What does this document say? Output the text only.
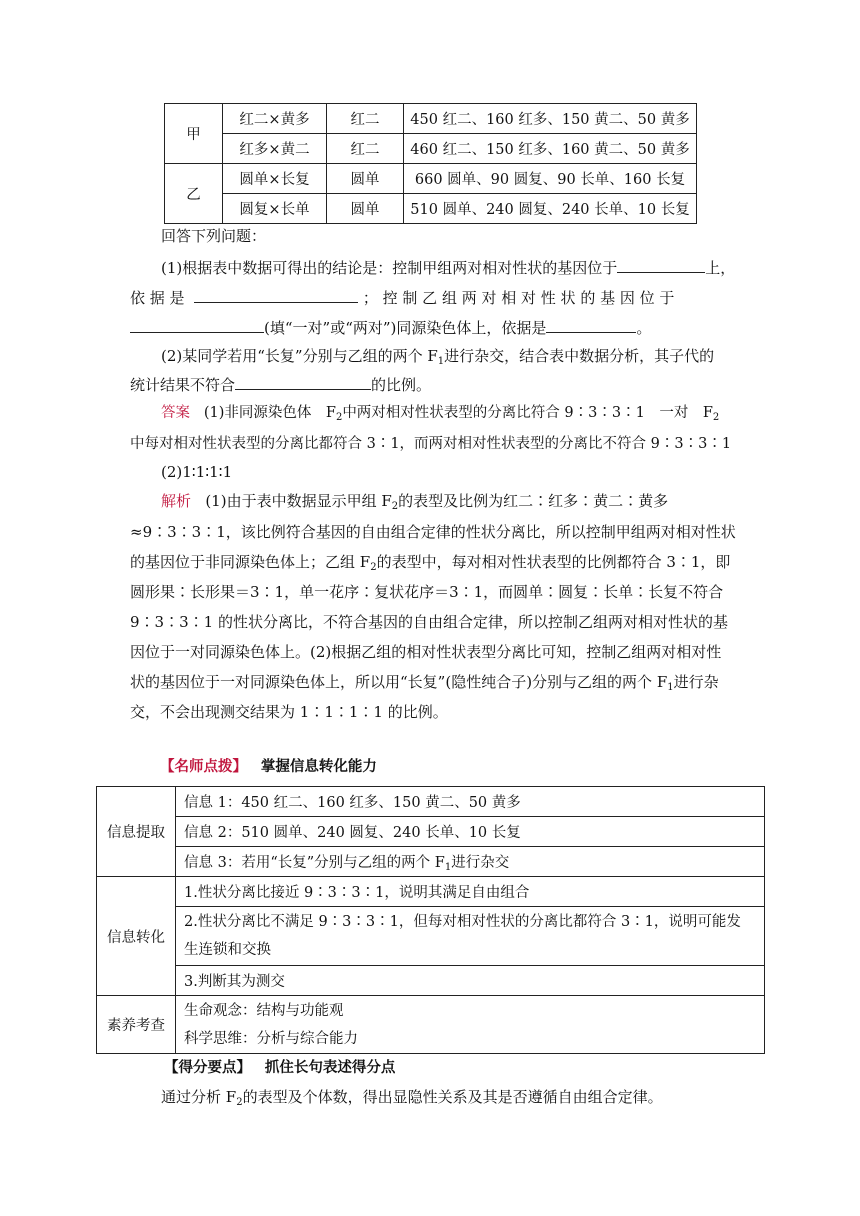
甲	红二×黄多	红二	450 红二、160 红多、150 黄二、50 黄多
	红多×黄二	红二	460 红二、150 红多、160 黄二、50 黄多
乙	圆单×长复	圆单	660 圆单、90 圆复、90 长单、160 长复
	圆复×长单	圆单	510 圆单、240 圆复、240 长单、10 长复
回答下列问题：
(1)根据表中数据可得出的结论是：控制甲组两对相对性状的基因位于	上，
依 据 是	； 控 制 乙 组 两 对 相 对 性 状 的 基 因 位 于
(填“一对”或“两对”)同源染色体上，依据是	。
(2)某同学若用“长复”分别与乙组的两个 $F_1$进行杂交，结合表中数据分析，其子代的
统计结果不符合	的比例。
答案 (1)非同源染色体　$F_2$中两对相对性状表型的分离比符合 9∶3∶3∶1　一对　$F_2$
中每对相对性状表型的分离比都符合 3∶1，而两对相对性状表型的分离比不符合 9∶3∶3∶1
(2)1∶1∶1∶1
解析 (1)由于表中数据显示甲组 $F_2$的表型及比例为红二∶红多∶黄二∶黄多
≈9∶3∶3∶1，该比例符合基因的自由组合定律的性状分离比，所以控制甲组两对相对性状
的基因位于非同源染色体上；乙组 $F_2$的表型中，每对相对性状表型的比例都符合 3∶1，即
圆形果∶长形果＝3∶1，单一花序∶复状花序＝3∶1，而圆单∶圆复∶长单∶长复不符合
9∶3∶3∶1 的性状分离比，不符合基因的自由组合定律，所以控制乙组两对相对性状的基
因位于一对同源染色体上。(2)根据乙组的相对性状表型分离比可知，控制乙组两对相对性
状的基因位于一对同源染色体上，所以用“长复”(隐性纯合子)分别与乙组的两个 $F_1$进行杂
交，不会出现测交结果为 1∶1∶1∶1 的比例。
【名师点拨】 掌握信息转化能力
信息提取	信息 1：450 红二、160 红多、150 黄二、50 黄多
	信息 2：510 圆单、240 圆复、240 长单、10 长复
	信息 3：若用“长复”分别与乙组的两个 $F_1$进行杂交
信息转化	1.性状分离比接近 9∶3∶3∶1，说明其满足自由组合

	2.性状分离比不满足 9∶3∶3∶1，但每对相对性状的分离比都符合 3∶1，说明可能发
生连锁和交换

	3.判断其为测交
素养考查	生命观念：结构与功能观
科学思维：分析与综合能力
【得分要点】 抓住长句表述得分点
通过分析 $F_2$的表型及个体数，得出显隐性关系及其是否遵循自由组合定律。
